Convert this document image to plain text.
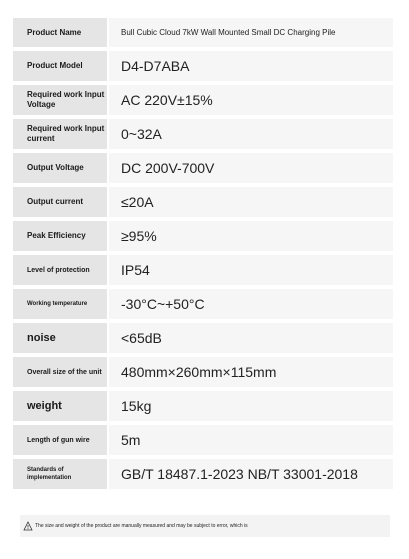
Product Name	Bull Cubic Cloud 7kW Wall Mounted Small DC Charging Pile
Product Model	D4-D7ABA
Required work Input Voltage	AC 220V±15%
Required work Input current	0~32A
Output Voltage	DC 200V-700V
Output current	≤20A
Peak Efficiency	≥95%
Level of protection	IP54
Working temperature	-30°C~+50°C
noise	<65dB
Overall size of the unit	480mm×260mm×115mm
weight	15kg
Length of gun wire	5m
Standards of implementation	GB/T 18487.1-2023 NB/T 33001-2018
The size and weight of the product are manually measured and may be subject to error, which is
